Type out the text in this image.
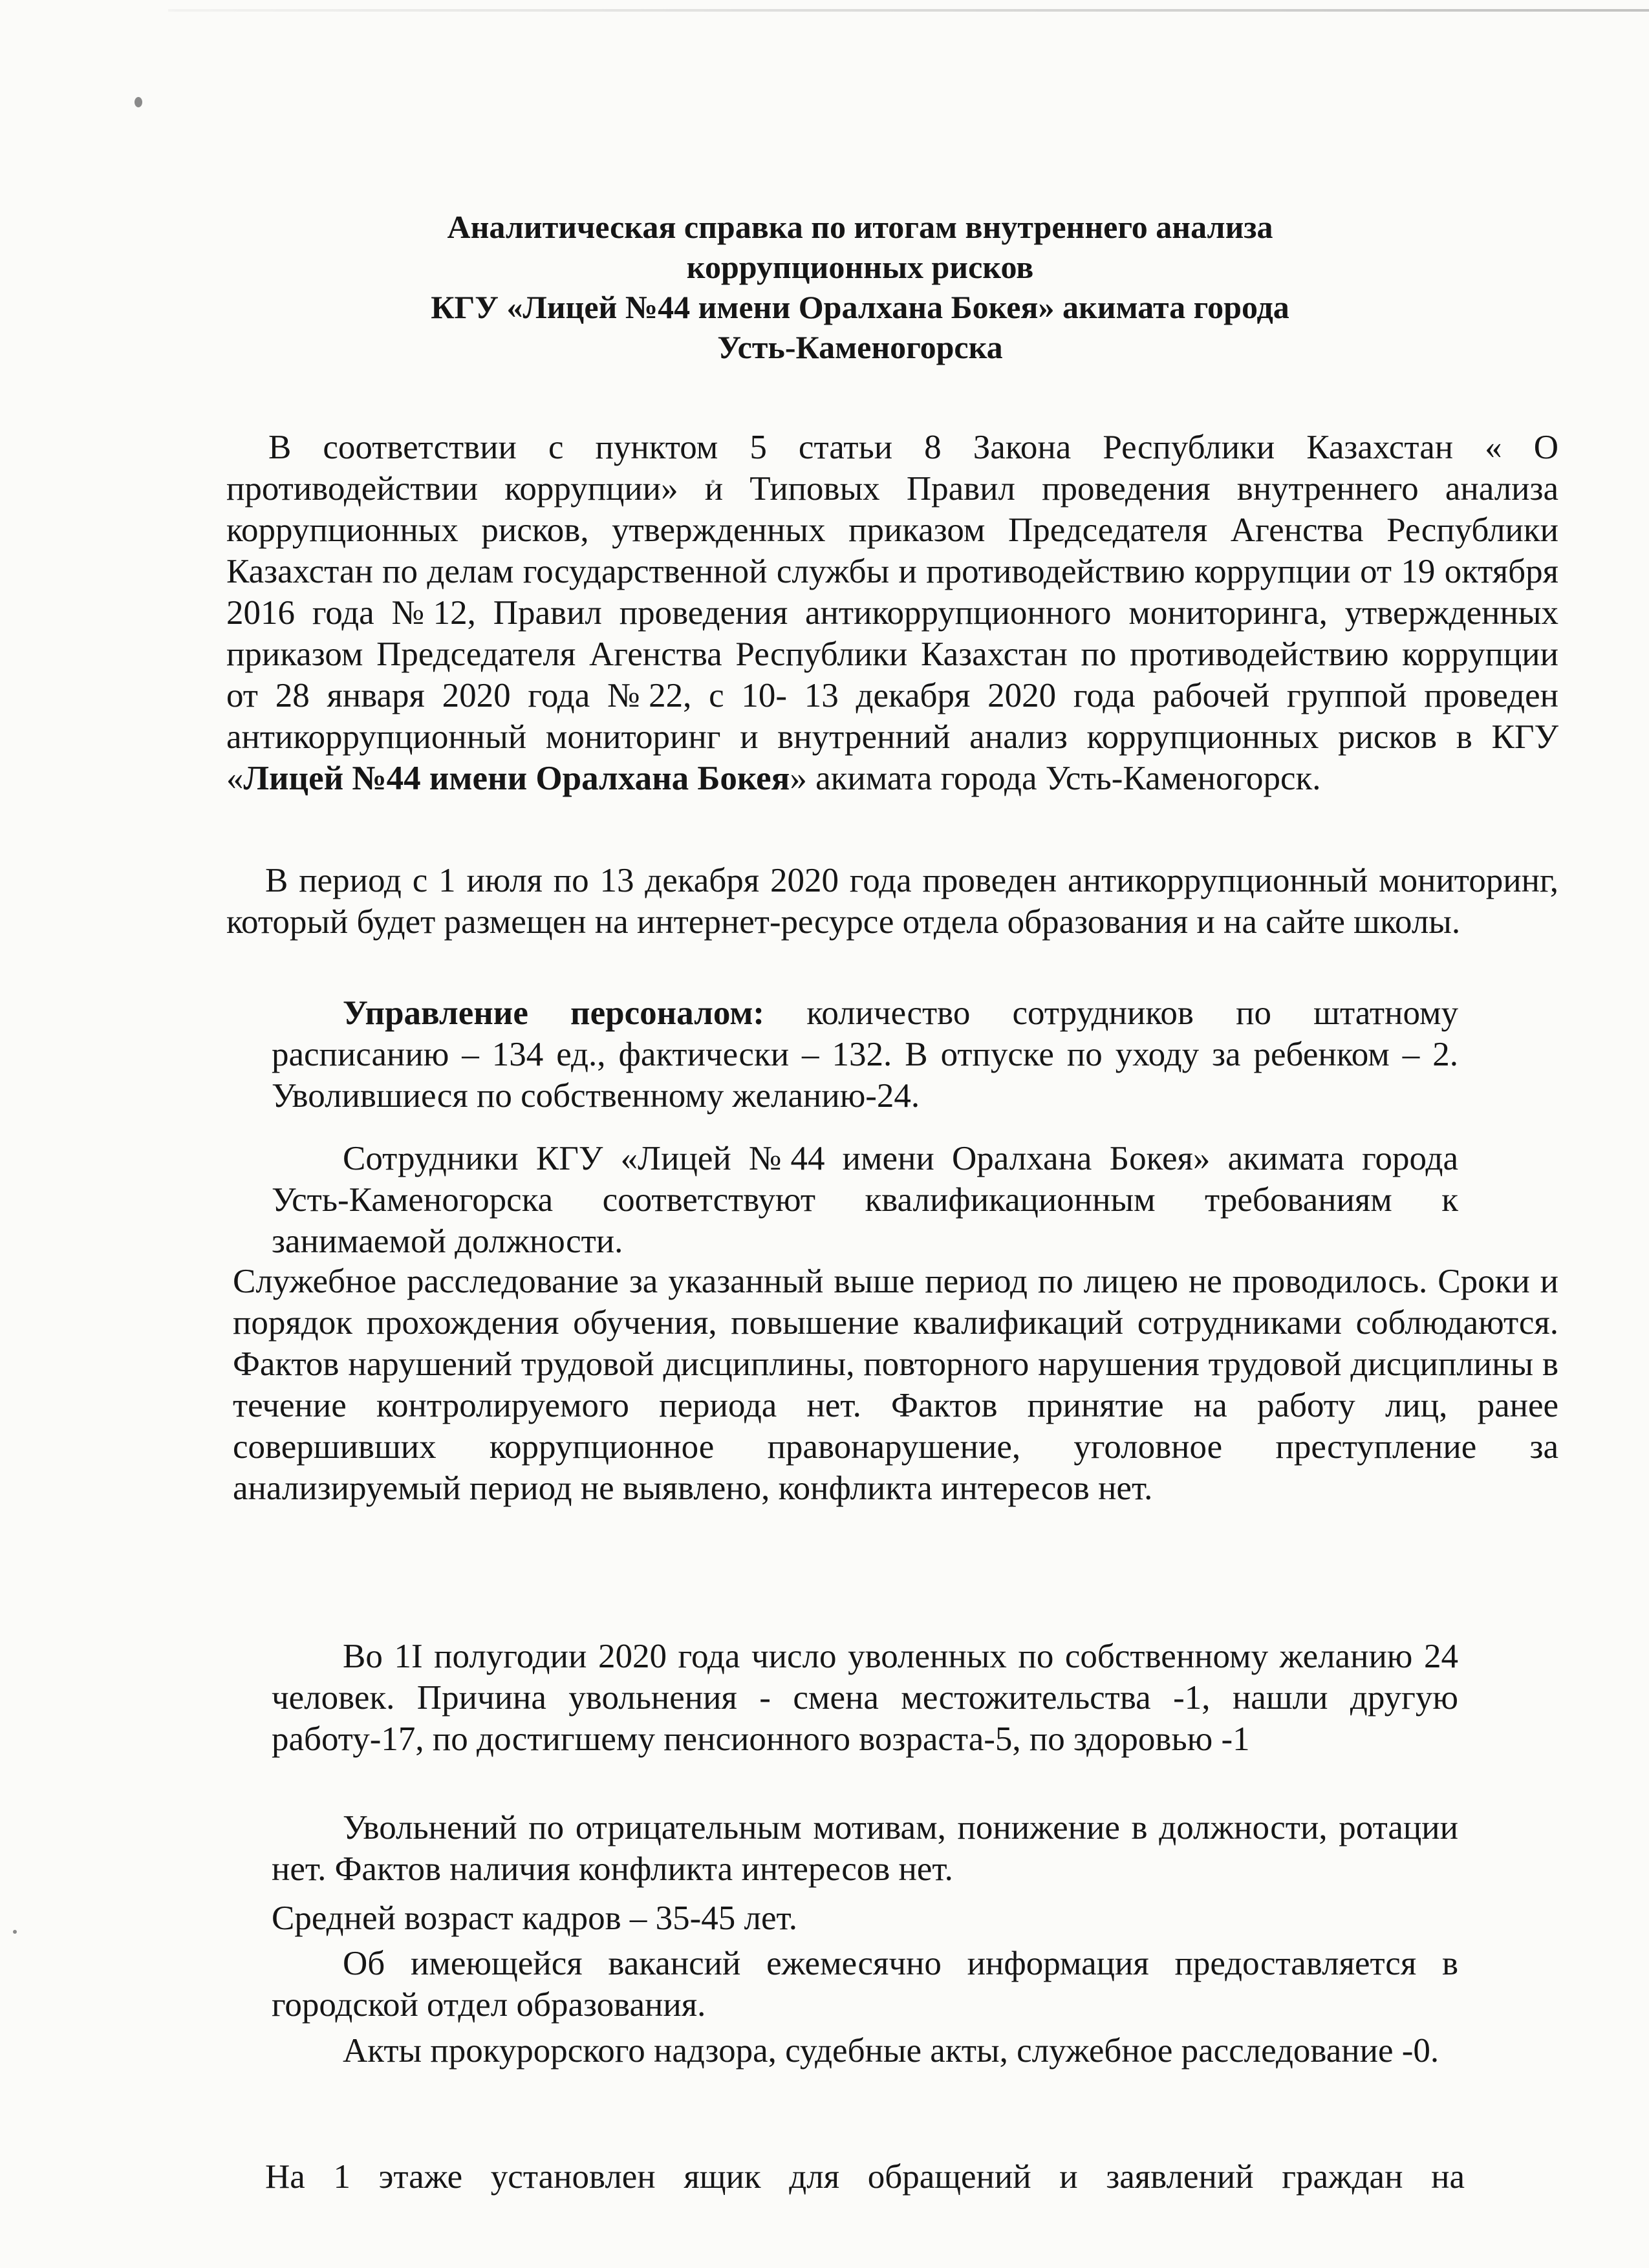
Аналитическая справка по итогам внутреннего анализа
коррупционных рисков
КГУ «Лицей №44 имени Оралхана Бокея» акимата города
Усть-Каменогорска
В соответствии с пунктом 5 статьи 8 Закона Республики Казахстан « О противодействии коррупции» и Типовых Правил проведения внутреннего анализа коррупционных рисков, утвержденных приказом Председателя Агенства Республики Казахстан по делам государственной службы и противодействию коррупции от 19 октября 2016 года №12, Правил проведения антикоррупционного мониторинга, утвержденных приказом Председателя Агенства Республики Казахстан по противодействию коррупции от 28 января 2020 года №22, с 10- 13 декабря 2020 года рабочей группой проведен антикоррупционный мониторинг и внутренний анализ коррупционных рисков в КГУ «Лицей №44 имени Оралхана Бокея» акимата города Усть-Каменогорск.
В период с 1 июля по 13 декабря 2020 года проведен антикоррупционный мониторинг, который будет размещен на интернет-ресурсе отдела образования и на сайте школы.
Управление персоналом: количество сотрудников по штатному расписанию – 134 ед., фактически – 132. В отпуске по уходу за ребенком – 2. Уволившиеся по собственному желанию-24.
Сотрудники КГУ «Лицей №44 имени Оралхана Бокея» акимата города Усть-Каменогорска соответствуют квалификационным требованиям к занимаемой должности.
Служебное расследование за указанный выше период по лицею не проводилось. Сроки и порядок прохождения обучения, повышение квалификаций сотрудниками соблюдаются. Фактов нарушений трудовой дисциплины, повторного нарушения трудовой дисциплины в течение контролируемого периода нет. Фактов принятие на работу лиц, ранее совершивших коррупционное правонарушение, уголовное преступление за анализируемый период не выявлено, конфликта интересов нет.
Во 1I полугодии 2020 года число уволенных по собственному желанию 24 человек. Причина увольнения - смена местожительства -1, нашли другую работу-17, по достигшему пенсионного возраста-5, по здоровью -1
Увольнений по отрицательным мотивам, понижение в должности, ротации нет. Фактов наличия конфликта интересов нет.
Средней возраст кадров – 35-45 лет.
Об имеющейся вакансий ежемесячно информация предоставляется в городской отдел образования.
Акты прокурорского надзора, судебные акты, служебное расследование -0.
На 1 этаже установлен ящик для обращений и заявлений граждан на
